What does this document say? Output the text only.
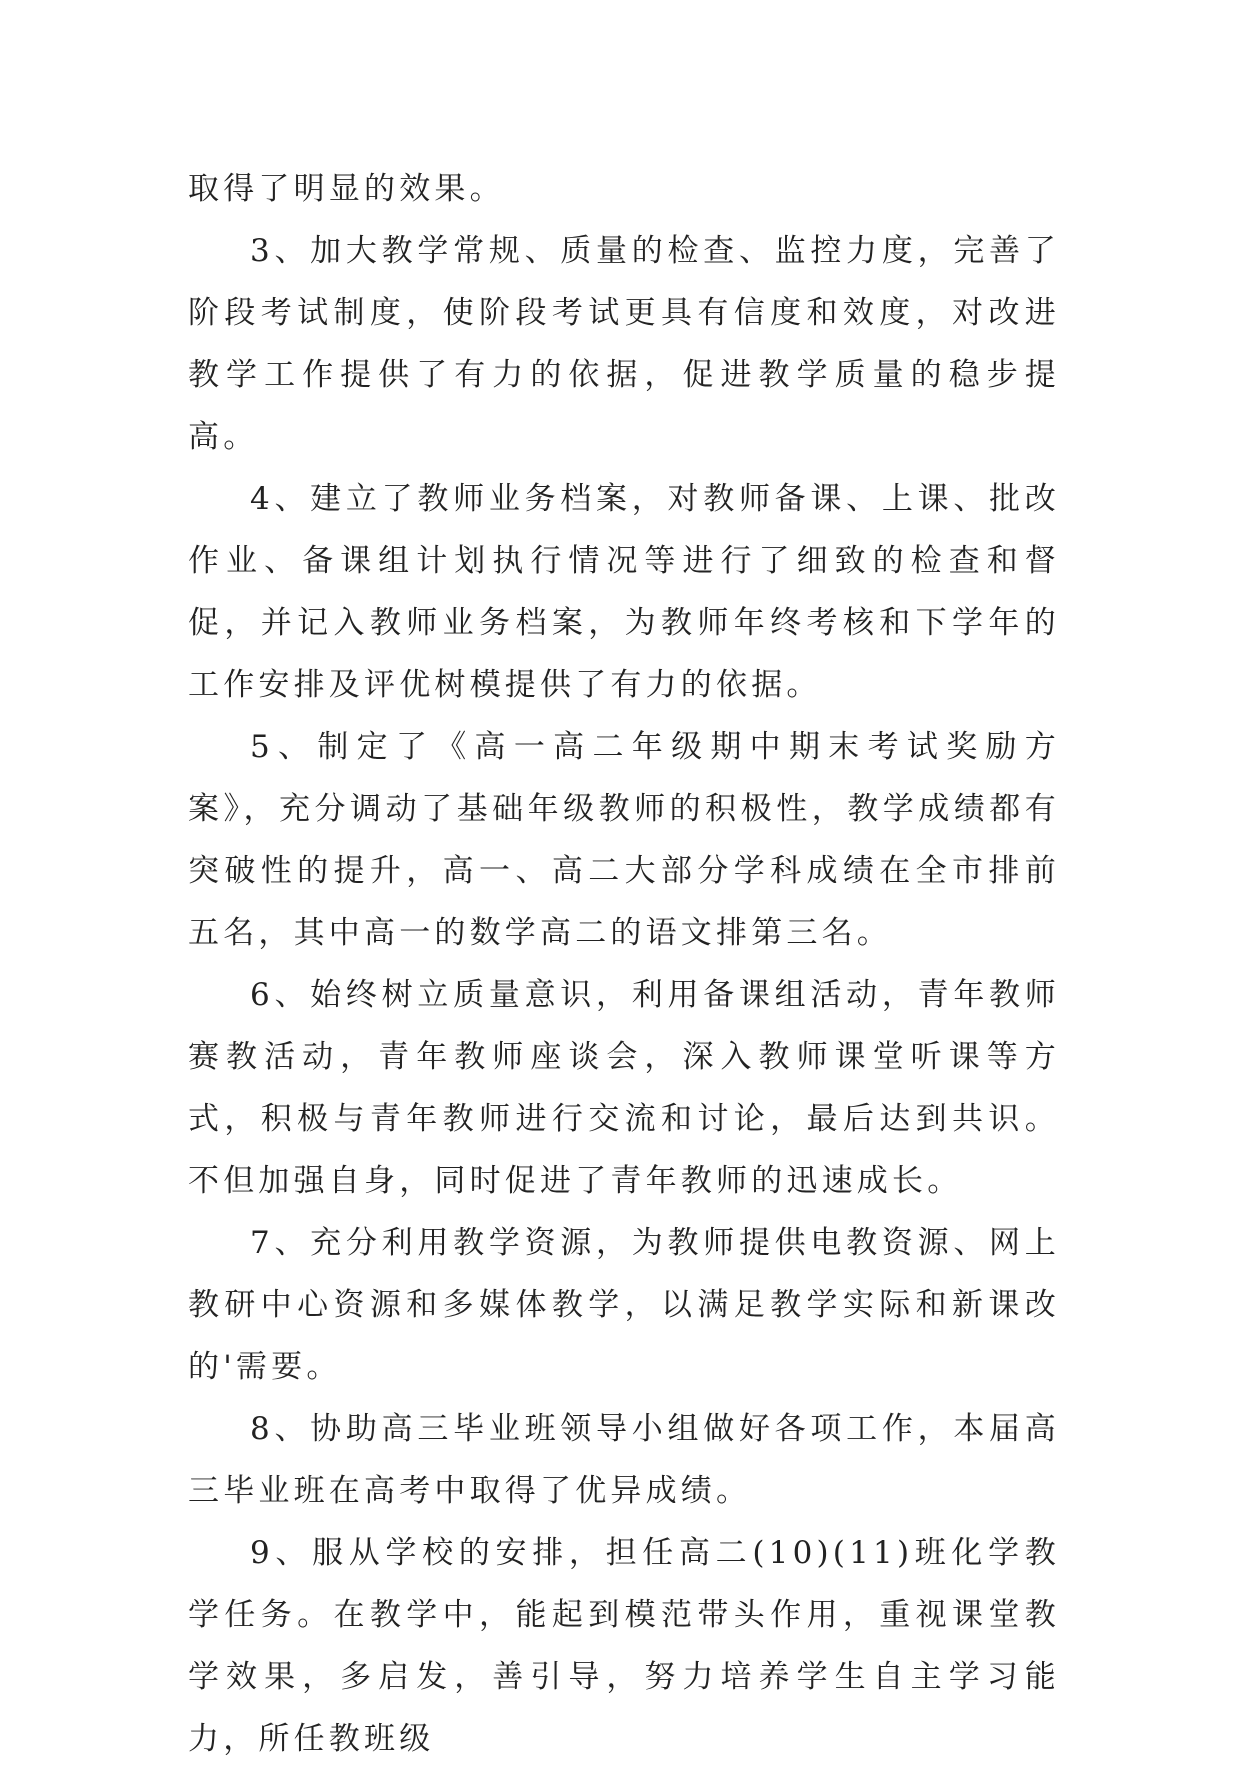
取得了明显的效果。

3、加大教学常规、质量的检查、监控力度，完善了阶段考试制度，使阶段考试更具有信度和效度，对改进教学工作提供了有力的依据，促进教学质量的稳步提高。

4、建立了教师业务档案，对教师备课、上课、批改作业、备课组计划执行情况等进行了细致的检查和督促，并记入教师业务档案，为教师年终考核和下学年的工作安排及评优树模提供了有力的依据。

5、制定了《高一高二年级期中期末考试奖励方案》，充分调动了基础年级教师的积极性，教学成绩都有突破性的提升，高一、高二大部分学科成绩在全市排前五名，其中高一的数学高二的语文排第三名。

6、始终树立质量意识，利用备课组活动，青年教师赛教活动，青年教师座谈会，深入教师课堂听课等方式，积极与青年教师进行交流和讨论，最后达到共识。不但加强自身，同时促进了青年教师的迅速成长。

7、充分利用教学资源，为教师提供电教资源、网上教研中心资源和多媒体教学，以满足教学实际和新课改的'需要。

8、协助高三毕业班领导小组做好各项工作，本届高三毕业班在高考中取得了优异成绩。

9、服从学校的安排，担任高二(10)(11)班化学教学任务。在教学中，能起到模范带头作用，重视课堂教学效果，多启发，善引导，努力培养学生自主学习能力，所任教班级
